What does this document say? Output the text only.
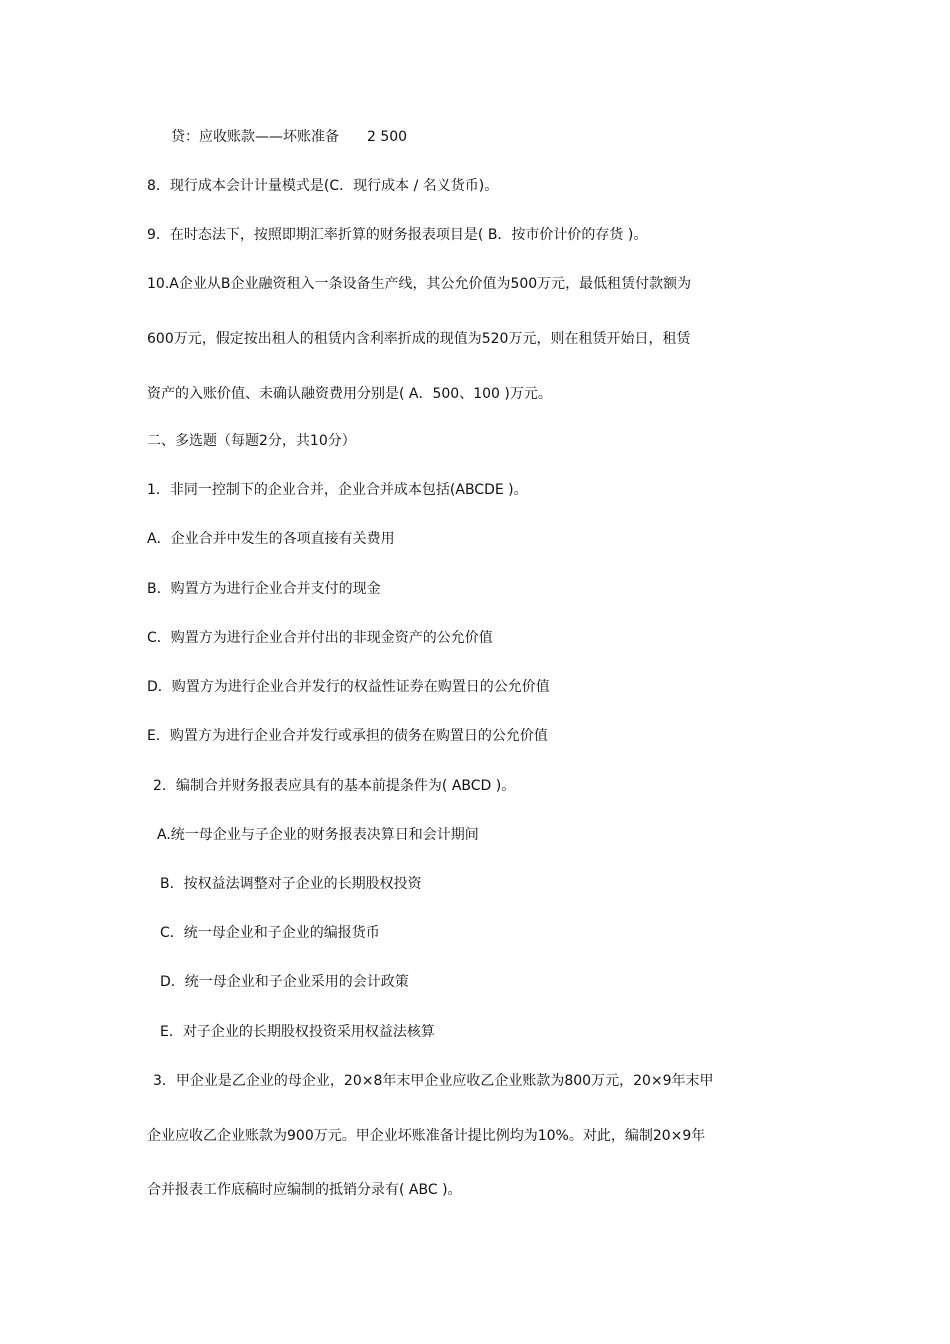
贷：应收账款——坏账准备 2 500
8．现行成本会计计量模式是(C．现行成本 / 名义货币)。
9．在时态法下，按照即期汇率折算的财务报表项目是( B．按市价计价的存货 )。
10.A企业从B企业融资租入一条设备生产线，其公允价值为500万元，最低租赁付款额为
600万元，假定按出租人的租赁内含利率折成的现值为520万元，则在租赁开始日，租赁
资产的入账价值、未确认融资费用分别是( A．500、100 )万元。
二、多选题（每题2分，共10分）
1．非同一控制下的企业合并，企业合并成本包括(ABCDE )。
A．企业合并中发生的各项直接有关费用
B．购置方为进行企业合并支付的现金
C．购置方为进行企业合并付出的非现金资产的公允价值
D．购置方为进行企业合并发行的权益性证券在购置日的公允价值
E．购置方为进行企业合并发行或承担的债务在购置日的公允价值
2．编制合并财务报表应具有的基本前提条件为( ABCD )。
A.统一母企业与子企业的财务报表决算日和会计期间
B．按权益法调整对子企业的长期股权投资
C．统一母企业和子企业的编报货币
D．统一母企业和子企业采用的会计政策
E．对子企业的长期股权投资采用权益法核算
3．甲企业是乙企业的母企业，20×8年末甲企业应收乙企业账款为800万元，20×9年末甲
企业应收乙企业账款为900万元。甲企业坏账准备计提比例均为10%。对此，编制20×9年
合并报表工作底稿时应编制的抵销分录有( ABC )。
